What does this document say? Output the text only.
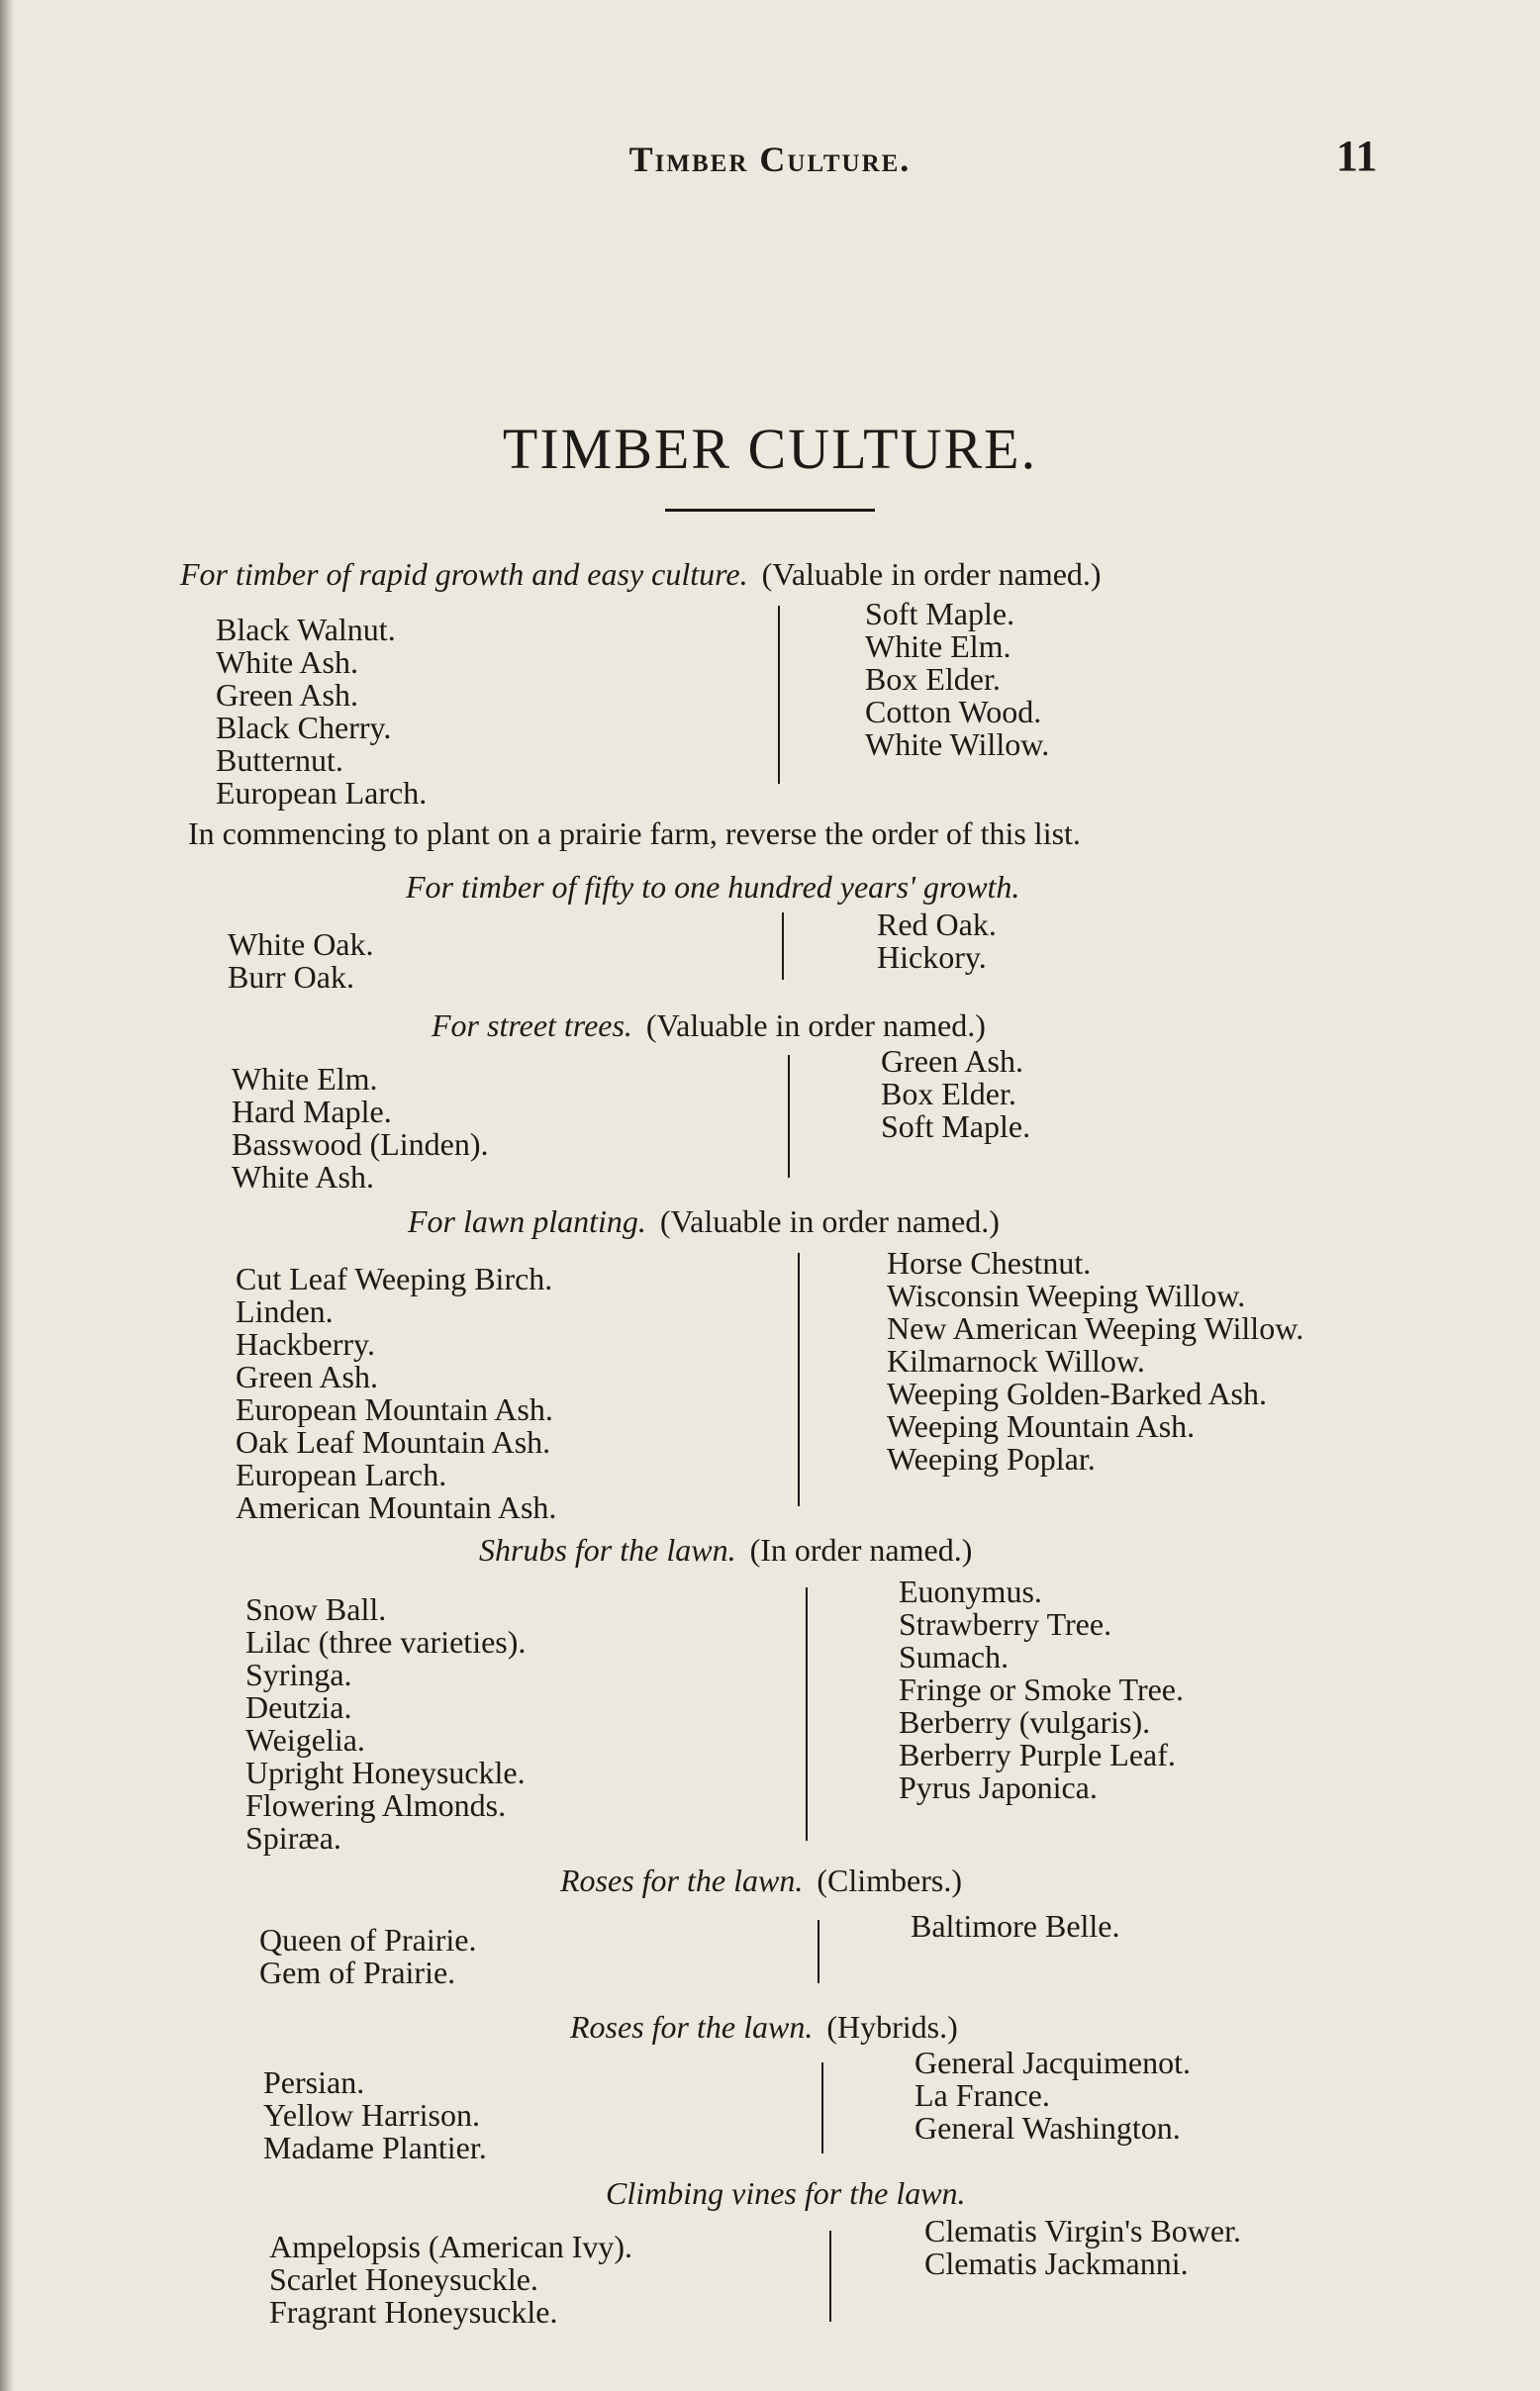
Timber Culture.	11
TIMBER CULTURE.
For timber of rapid growth and easy culture. (Valuable in order named.)
Black Walnut.
White Ash.
Green Ash.
Black Cherry.
Butternut.
European Larch.
Soft Maple.
White Elm.
Box Elder.
Cotton Wood.
White Willow.
In commencing to plant on a prairie farm, reverse the order of this list.
For timber of fifty to one hundred years' growth.
White Oak.
Burr Oak.
Red Oak.
Hickory.
For street trees. (Valuable in order named.)
White Elm.
Hard Maple.
Basswood (Linden).
White Ash.
Green Ash.
Box Elder.
Soft Maple.
For lawn planting. (Valuable in order named.)
Cut Leaf Weeping Birch.
Linden.
Hackberry.
Green Ash.
European Mountain Ash.
Oak Leaf Mountain Ash.
European Larch.
American Mountain Ash.
Horse Chestnut.
Wisconsin Weeping Willow.
New American Weeping Willow.
Kilmarnock Willow.
Weeping Golden-Barked Ash.
Weeping Mountain Ash.
Weeping Poplar.
Shrubs for the lawn. (In order named.)
Snow Ball.
Lilac (three varieties).
Syringa.
Deutzia.
Weigelia.
Upright Honeysuckle.
Flowering Almonds.
Spiræa.
Euonymus.
Strawberry Tree.
Sumach.
Fringe or Smoke Tree.
Berberry (vulgaris).
Berberry Purple Leaf.
Pyrus Japonica.
Roses for the lawn. (Climbers.)
Queen of Prairie.
Gem of Prairie.
Baltimore Belle.
Roses for the lawn. (Hybrids.)
Persian.
Yellow Harrison.
Madame Plantier.
General Jacquimenot.
La France.
General Washington.
Climbing vines for the lawn.
Ampelopsis (American Ivy).
Scarlet Honeysuckle.
Fragrant Honeysuckle.
Clematis Virgin's Bower.
Clematis Jackmanni.
